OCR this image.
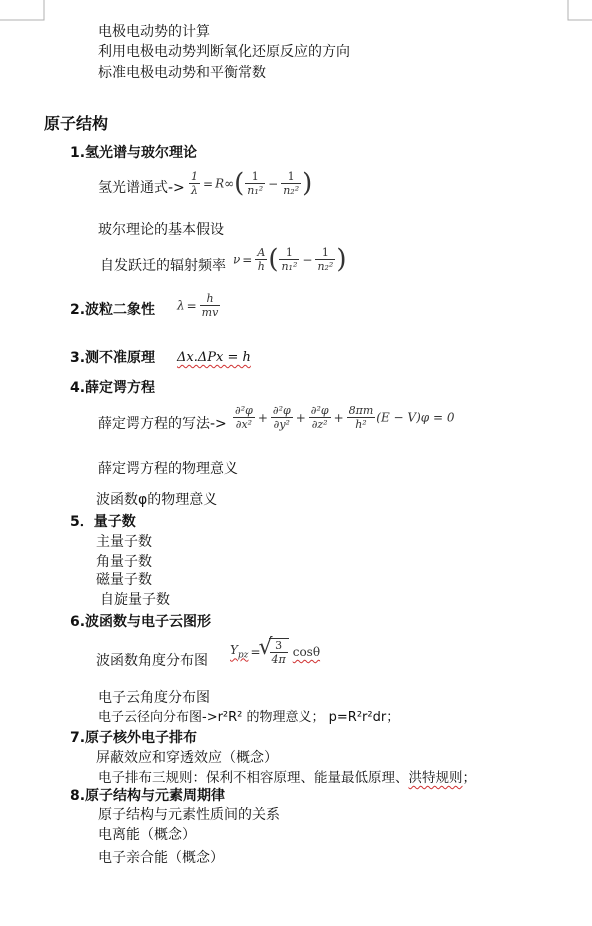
电极电动势的计算
利用电极电动势判断氧化还原反应的方向
标准电极电动势和平衡常数
原子结构
1.氢光谱与玻尔理论
氢光谱通式-> $\frac{1}{\lambda} = R\infty( \frac{1}{\text{n₁²}} - \frac{1}{\text{n₂²}}$ )
玻尔理论的基本假设
自发跃迁的辐射频率 $\nu = \frac{A}{h}$ ( $\frac{1}{\text{n₁²}} - \frac{1}{\text{n₂²}}$ )
2.波粒二象性 $\lambda = \frac{h}{mv}$
3.测不准原理 Δx.ΔPx = h
4.薛定谔方程
薛定谔方程的写法-> $\frac{\text{∂²φ}}{\text{∂x²}} + \frac{\text{∂²φ}}{\text{∂y²}} + \frac{\text{∂²φ}}{\text{∂z²}} + \frac{8\pi m}{\text{h²}} (E - V)\varphi = 0$
薛定谔方程的物理意义
波函数φ的物理意义
5．量子数
主量子数
角量子数
磁量子数
自旋量子数
6.波函数与电子云图形
波函数角度分布图
$Y_{pz}$ =
√ $\frac{3}{4\pi}$ cosθ
电子云角度分布图
电子云径向分布图->r²R² 的物理意义； p=R²r²dr；
7.原子核外电子排布
屏蔽效应和穿透效应（概念）
电子排布三规则：保利不相容原理、能量最低原理、洪特规则；
8.原子结构与元素周期律
原子结构与元素性质间的关系
电离能（概念）
电子亲合能（概念）
